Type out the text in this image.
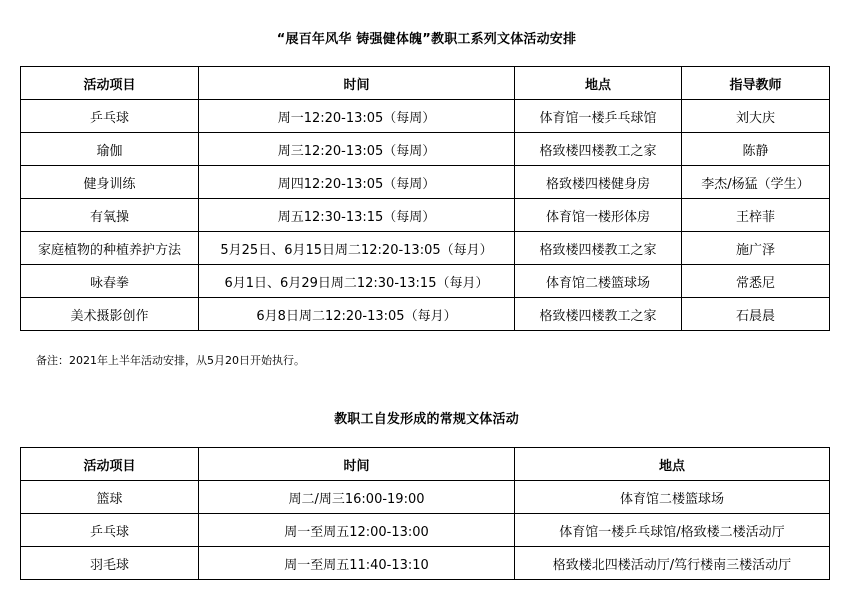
“展百年风华 铸强健体魄”教职工系列文体活动安排
活动项目	时间	地点	指导教师
乒乓球	周一12:20-13:05（每周）	体育馆一楼乒乓球馆	刘大庆
瑜伽	周三12:20-13:05（每周）	格致楼四楼教工之家	陈静
健身训练	周四12:20-13:05（每周）	格致楼四楼健身房	李杰/杨猛（学生）
有氧操	周五12:30-13:15（每周）	体育馆一楼形体房	王梓菲
家庭植物的种植养护方法	5月25日、6月15日周二12:20-13:05（每月）	格致楼四楼教工之家	施广泽
咏春拳	6月1日、6月29日周二12:30-13:15（每月）	体育馆二楼篮球场	常悉尼
美术摄影创作	6月8日周二12:20-13:05（每月）	格致楼四楼教工之家	石晨晨
备注：2021年上半年活动安排，从5月20日开始执行。
教职工自发形成的常规文体活动
活动项目	时间	地点
篮球	周二/周三16:00-19:00	体育馆二楼篮球场
乒乓球	周一至周五12:00-13:00	体育馆一楼乒乓球馆/格致楼二楼活动厅
羽毛球	周一至周五11:40-13:10	格致楼北四楼活动厅/笃行楼南三楼活动厅
